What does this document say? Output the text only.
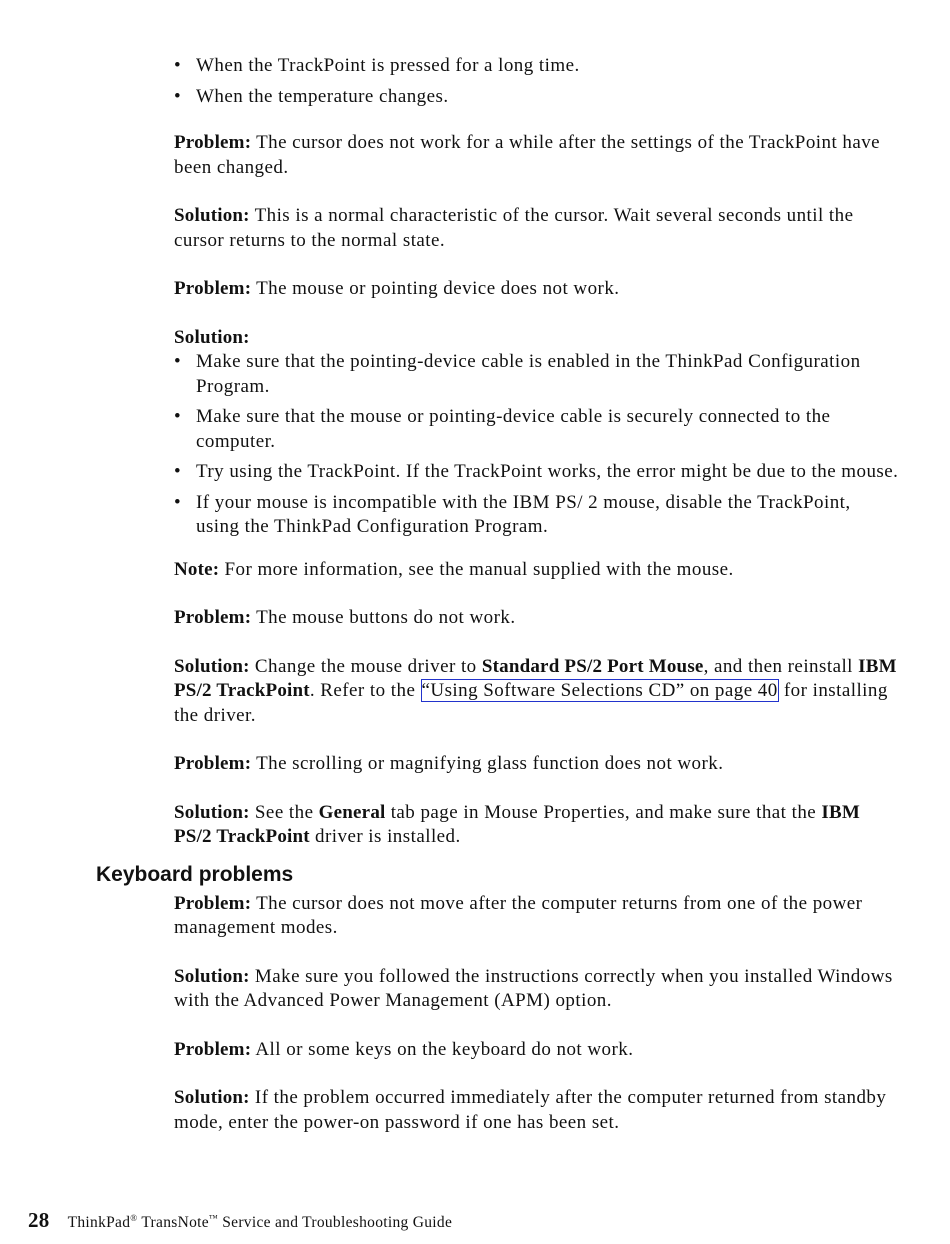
• When the TrackPoint is pressed for a long time.
• When the temperature changes.

Problem: The cursor does not work for a while after the settings of the TrackPoint have been changed.

Solution: This is a normal characteristic of the cursor. Wait several seconds until the cursor returns to the normal state.

Problem: The mouse or pointing device does not work.

Solution:

• Make sure that the pointing-device cable is enabled in the ThinkPad Configuration Program.
• Make sure that the mouse or pointing-device cable is securely connected to the computer.
• Try using the TrackPoint. If the TrackPoint works, the error might be due to the mouse.
• If your mouse is incompatible with the IBM PS/ 2 mouse, disable the TrackPoint, using the ThinkPad Configuration Program.

Note: For more information, see the manual supplied with the mouse.

Problem: The mouse buttons do not work.

Solution: Change the mouse driver to Standard PS/2 Port Mouse, and then reinstall IBM PS/2 TrackPoint. Refer to the “Using Software Selections CD” on page 40 for installing the driver.

Problem: The scrolling or magnifying glass function does not work.

Solution: See the General tab page in Mouse Properties, and make sure that the IBM PS/2 TrackPoint driver is installed.

Keyboard problems

Problem: The cursor does not move after the computer returns from one of the power management modes.

Solution: Make sure you followed the instructions correctly when you installed Windows with the Advanced Power Management (APM) option.

Problem: All or some keys on the keyboard do not work.

Solution: If the problem occurred immediately after the computer returned from standby mode, enter the power-on password if one has been set.

28 ThinkPad® TransNote™ Service and Troubleshooting Guide
